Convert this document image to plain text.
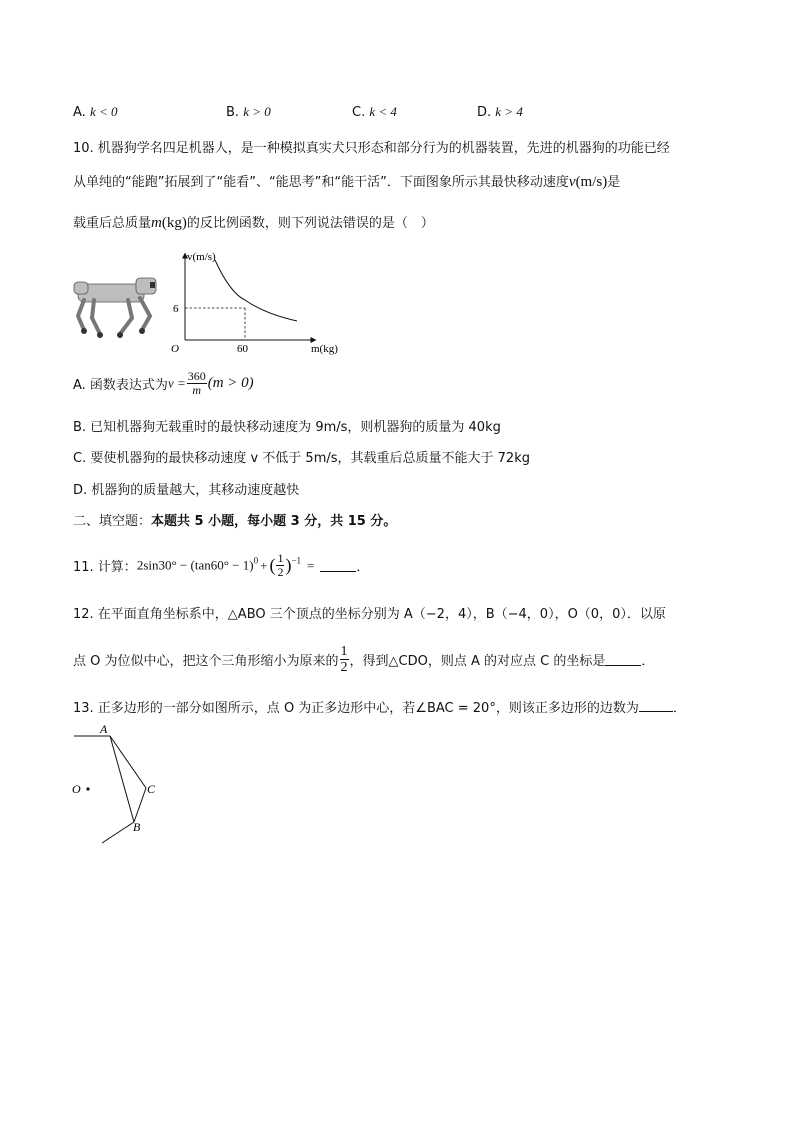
A. k < 0	B. k > 0	C. k < 4	D. k > 4
10. 机器狗学名四足机器人，是一种模拟真实犬只形态和部分行为的机器装置，先进的机器狗的功能已经
从单纯的“能跑”拓展到了“能看”、“能思考”和“能干活”．下面图象所示其最快移动速度v(m/s)是
载重后总质量m(kg)的反比例函数，则下列说法错误的是（　）
v(m/s)
m(kg)
O
6
60
A. 函数表达式为$v = \frac{360}{m} (m > 0)$
B. 已知机器狗无载重时的最快移动速度为 9m/s，则机器狗的质量为 40kg
C. 要使机器狗的最快移动速度 v 不低于 5m/s，其载重后总质量不能大于 72kg
D. 机器狗的质量越大，其移动速度越快
二、填空题：本题共 5 小题，每小题 3 分，共 15 分。
11. 计算：$2\sin 30^\circ - (\tan 60^\circ - 1)^0$ + ( $\frac{1}{2} )^{-1}$ =	．
12. 在平面直角坐标系中，△ABO 三个顶点的坐标分别为 A（−2，4），B（−4，0），O（0，0）．以原
点 O 为位似中心，把这个三角形缩小为原来的 $\frac{1}{2}$ ，得到△CDO，则点 A 的对应点 C 的坐标是	．
13. 正多边形的一部分如图所示，点 O 为正多边形中心，若∠BAC = 20°，则该正多边形的边数为	．
A
C
B
O
